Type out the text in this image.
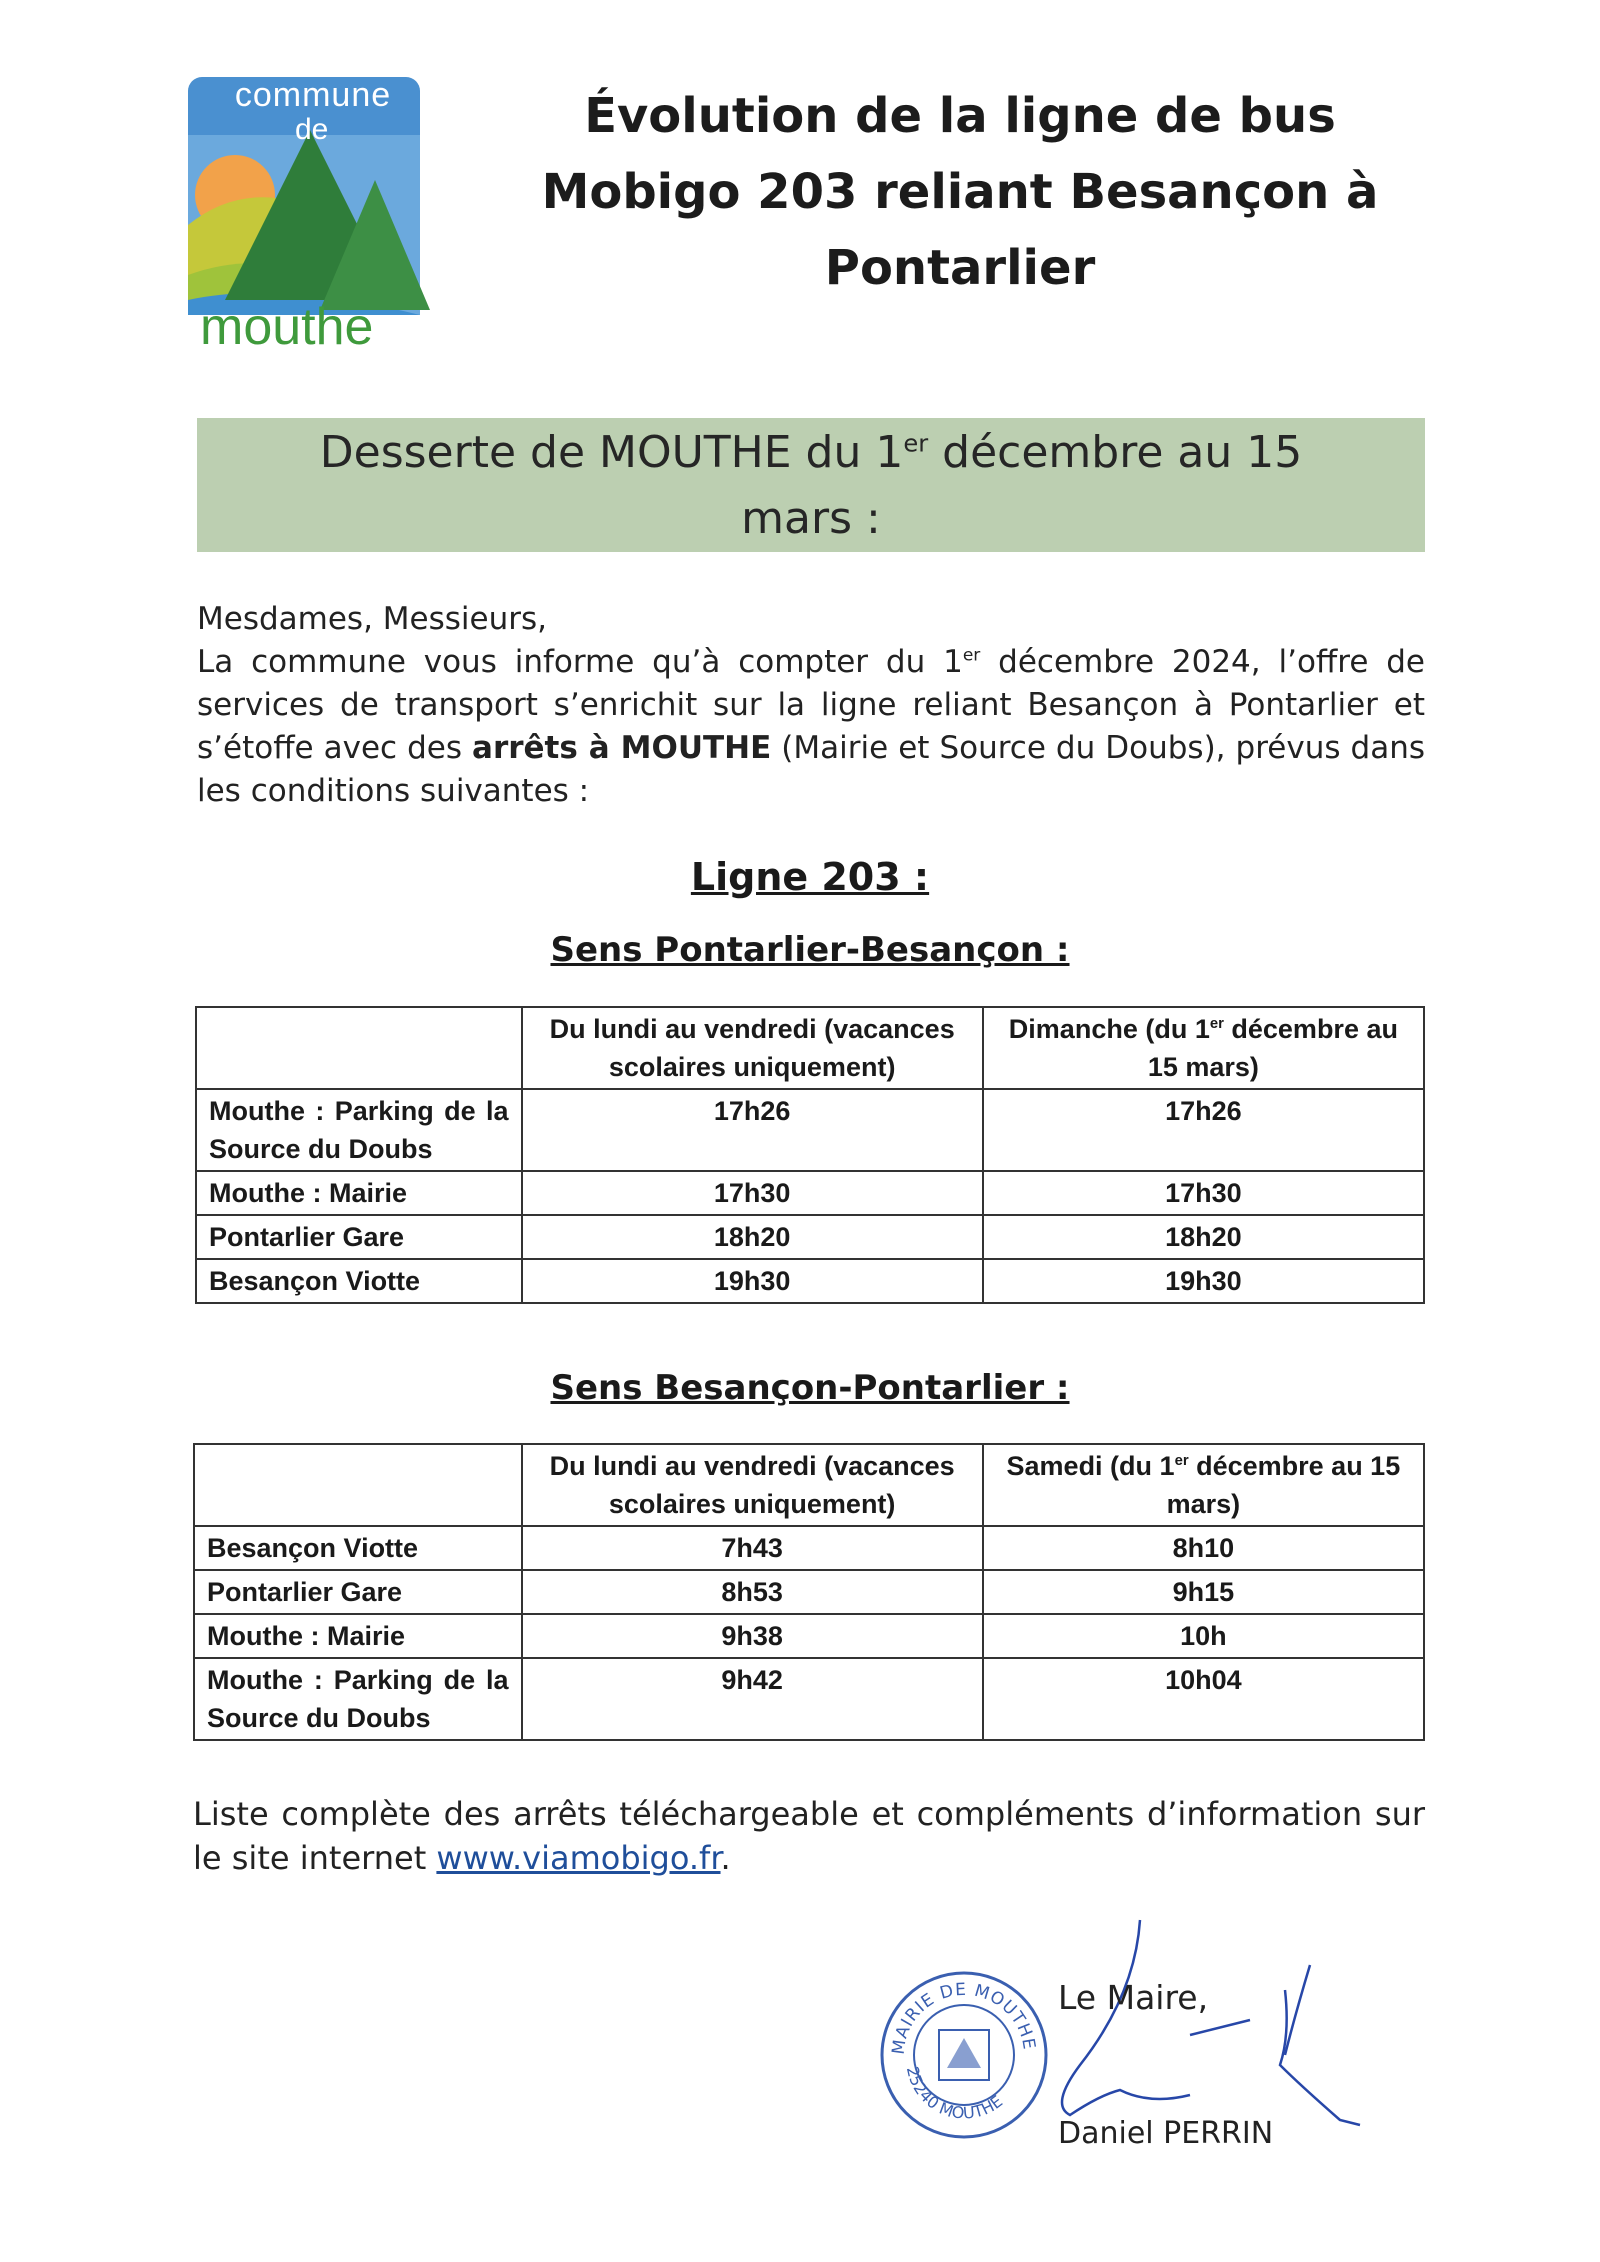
commune
de
mouthe
Évolution de la ligne de bus
Mobigo 203 reliant Besançon à
Pontarlier
Desserte de MOUTHE du 1er décembre au 15
mars :

Mesdames, Messieurs,

La commune vous informe qu’à compter du 1er décembre 2024, l’offre de services de transport s’enrichit sur la ligne reliant Besançon à Pontarlier et s’étoffe avec des arrêts à MOUTHE (Mairie et Source du Doubs), prévus dans les conditions suivantes :

Ligne 203 :
Sens Pontarlier-Besançon :
	Du lundi au vendredi (vacances scolaires uniquement)	Dimanche (du 1er décembre au 15 mars)

Mouthe : Parking de la Source du Doubs	17h26	17h26
Mouthe : Mairie	17h30	17h30
Pontarlier Gare	18h20	18h20
Besançon Viotte	19h30	19h30
Sens Besançon-Pontarlier :
	Du lundi au vendredi (vacances scolaires uniquement)	Samedi (du 1er décembre au 15 mars)
Besançon Viotte	7h43	8h10
Pontarlier Gare	8h53	9h15
Mouthe : Mairie	9h38	10h

Mouthe : Parking de la Source du Doubs	9h42	10h04
Liste complète des arrêts téléchargeable et compléments d’information sur le site internet www.viamobigo.fr.
MAIRIE DE MOUTHE
25240 MOUTHE
Le Maire,
Daniel PERRIN
